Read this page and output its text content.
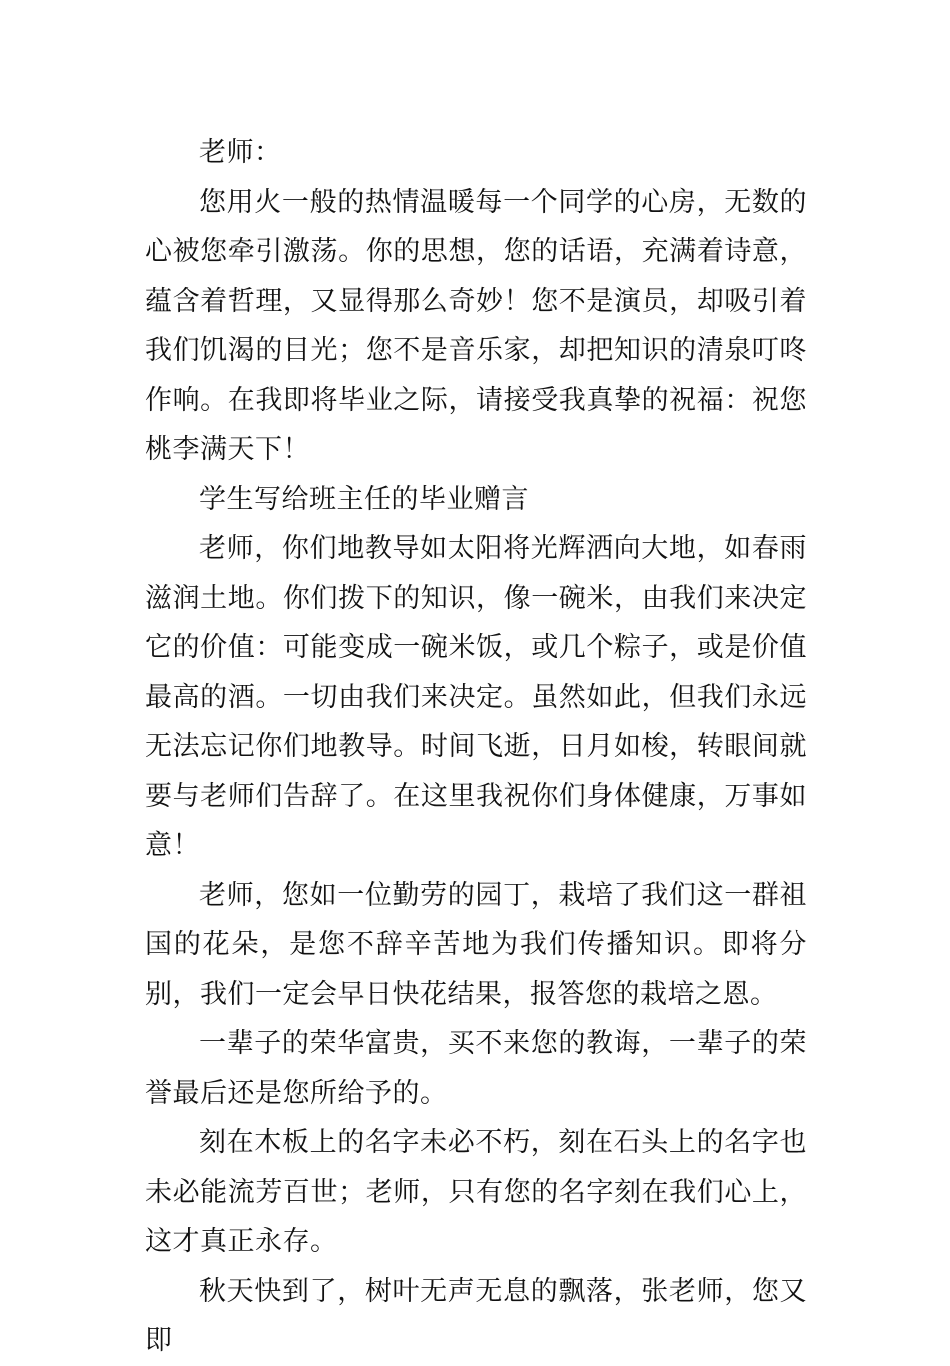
老师：

您用火一般的热情温暖每一个同学的心房，无数的心被您牵引激荡。你的思想，您的话语，充满着诗意，蕴含着哲理，又显得那么奇妙！您不是演员，却吸引着我们饥渴的目光；您不是音乐家，却把知识的清泉叮咚作响。在我即将毕业之际，请接受我真挚的祝福：祝您桃李满天下！

学生写给班主任的毕业赠言

老师，你们地教导如太阳将光辉洒向大地，如春雨滋润土地。你们拨下的知识，像一碗米，由我们来决定它的价值：可能变成一碗米饭，或几个粽子，或是价值最高的酒。一切由我们来决定。虽然如此，但我们永远无法忘记你们地教导。时间飞逝，日月如梭，转眼间就要与老师们告辞了。在这里我祝你们身体健康，万事如意！

老师，您如一位勤劳的园丁，栽培了我们这一群祖国的花朵，是您不辞辛苦地为我们传播知识。即将分别，我们一定会早日快花结果，报答您的栽培之恩。

一辈子的荣华富贵，买不来您的教诲，一辈子的荣誉最后还是您所给予的。

刻在木板上的名字未必不朽，刻在石头上的名字也未必能流芳百世；老师，只有您的名字刻在我们心上，这才真正永存。

秋天快到了，树叶无声无息的飘落，张老师，您又即
